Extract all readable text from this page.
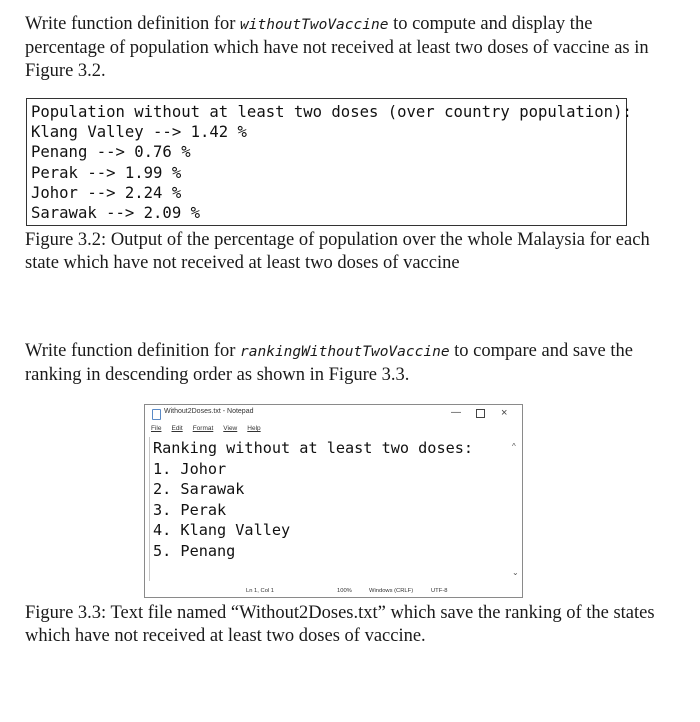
Write function definition for withoutTwoVaccine to compute and display the percentage of population which have not received at least two doses of vaccine as in Figure 3.2.
Population without at least two doses (over country population):
Klang Valley --> 1.42 %
Penang --> 0.76 %
Perak --> 1.99 %
Johor --> 2.24 %
Sarawak --> 2.09 %
Figure 3.2: Output of the percentage of population over the whole Malaysia for each state which have not received at least two doses of vaccine
Write function definition for rankingWithoutTwoVaccine to compare and save the ranking in descending order as shown in Figure 3.3.
Without2Doses.txt - Notepad	—	×
File Edit Format View Help
Ranking without at least two doses:
1. Johor
2. Sarawak
3. Perak
4. Klang Valley
5. Penang
^
⌄
Ln 1, Col 1	100%	Windows (CRLF)	UTF-8
Figure 3.3: Text file named “Without2Doses.txt” which save the ranking of the states which have not received at least two doses of vaccine.
